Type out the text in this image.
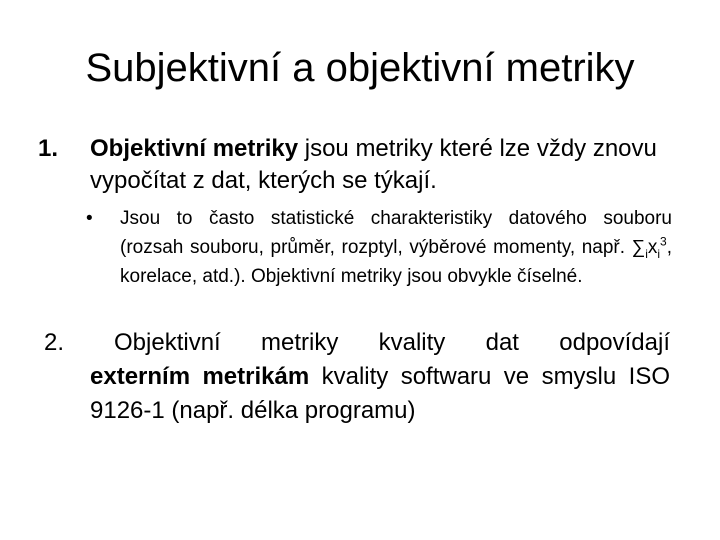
Subjektivní a objektivní metriky
1. Objektivní metriky jsou metriky které lze vždy znovu vypočítat z dat, kterých se týkají.
• Jsou to často statistické charakteristiky datového souboru (rozsah souboru, průměr, rozptyl, výběrové momenty, např. $\sum_ix_i^3$, korelace, atd.). Objektivní metriky jsou obvykle číselné.
2.	Objektivní metriky kvality dat odpovídají
externím metrikám kvality softwaru ve smyslu ISO 9126-1 (např. délka programu)
